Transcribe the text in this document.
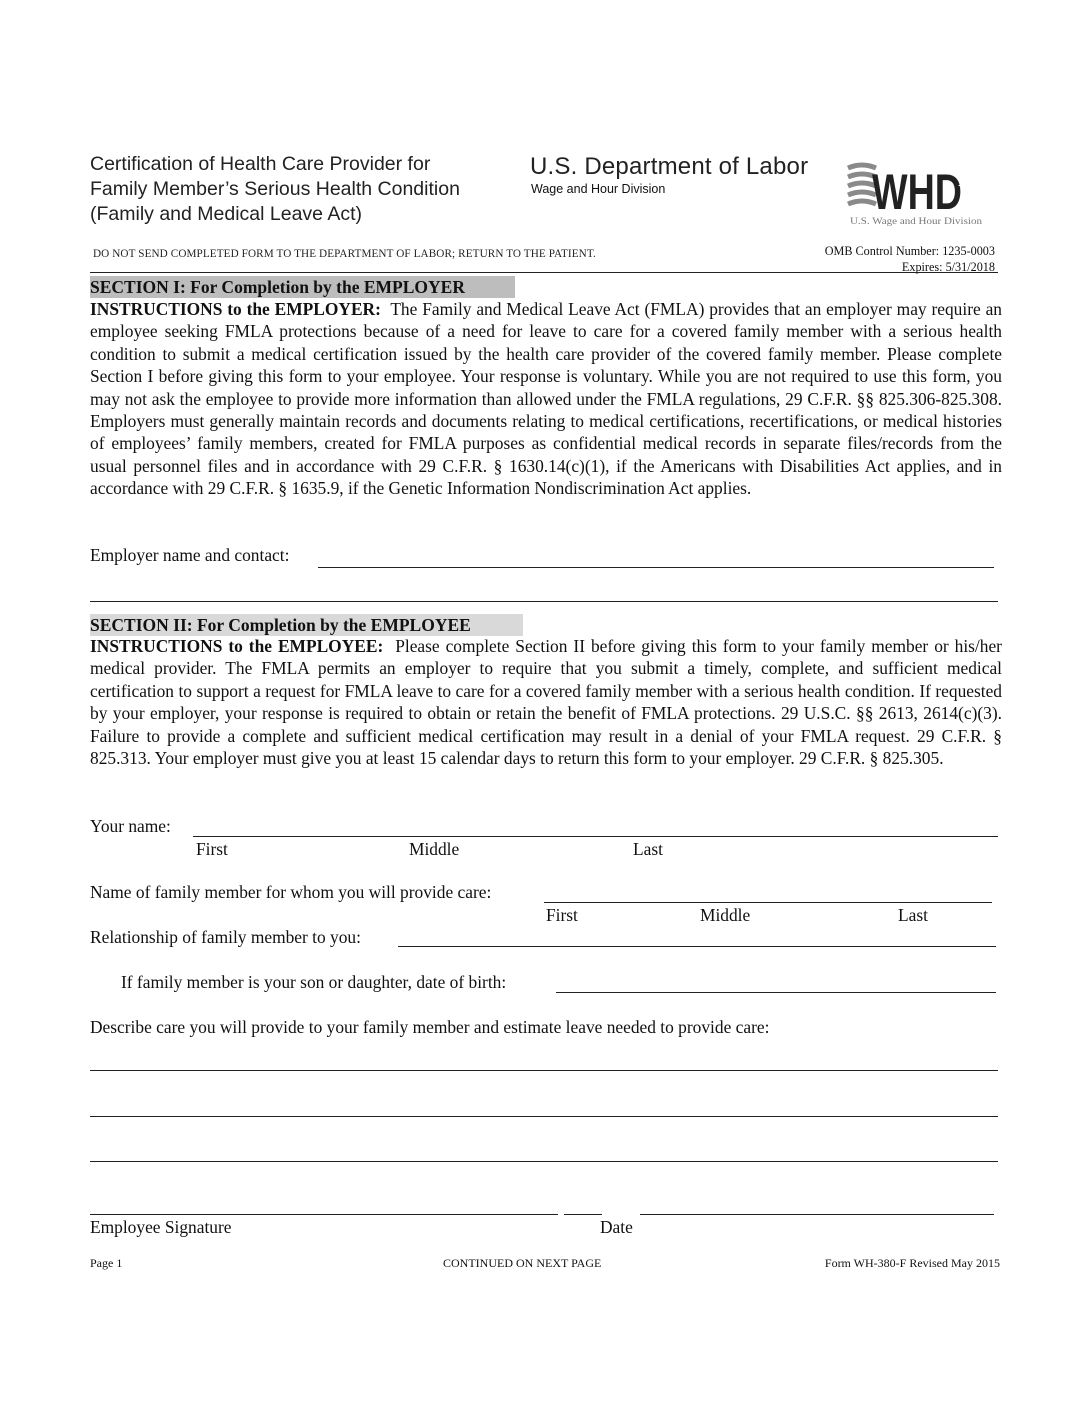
Certification of Health Care Provider for
Family Member’s Serious Health Condition
(Family and Medical Leave Act)
U.S. Department of Labor
Wage and Hour Division	WHD
U.S. Wage and Hour Division
DO NOT SEND COMPLETED FORM TO THE DEPARTMENT OF LABOR; RETURN TO THE PATIENT.	OMB Control Number: 1235-0003
Expires: 5/31/2018
SECTION I: For Completion by the EMPLOYER
INSTRUCTIONS to the EMPLOYER: The Family and Medical Leave Act (FMLA) provides that an employer may require an employee seeking FMLA protections because of a need for leave to care for a covered family member with a serious health condition to submit a medical certification issued by the health care provider of the covered family member. Please complete Section I before giving this form to your employee. Your response is voluntary. While you are not required to use this form, you may not ask the employee to provide more information than allowed under the FMLA regulations, 29 C.F.R. §§ 825.306-825.308. Employers must generally maintain records and documents relating to medical certifications, recertifications, or medical histories of employees’ family members, created for FMLA purposes as confidential medical records in separate files/records from the usual personnel files and in accordance with 29 C.F.R. § 1630.14(c)(1), if the Americans with Disabilities Act applies, and in accordance with 29 C.F.R. § 1635.9, if the Genetic Information Nondiscrimination Act applies.
Employer name and contact:
SECTION II: For Completion by the EMPLOYEE
INSTRUCTIONS to the EMPLOYEE: Please complete Section II before giving this form to your family member or his/her medical provider. The FMLA permits an employer to require that you submit a timely, complete, and sufficient medical certification to support a request for FMLA leave to care for a covered family member with a serious health condition. If requested by your employer, your response is required to obtain or retain the benefit of FMLA protections. 29 U.S.C. §§ 2613, 2614(c)(3). Failure to provide a complete and sufficient medical certification may result in a denial of your FMLA request. 29 C.F.R. § 825.313. Your employer must give you at least 15 calendar days to return this form to your employer. 29 C.F.R. § 825.305.
Your name:
First	Middle	Last
Name of family member for whom you will provide care:
First	Middle	Last
Relationship of family member to you:
If family member is your son or daughter, date of birth:
Describe care you will provide to your family member and estimate leave needed to provide care:
Employee Signature	Date
Page 1	CONTINUED ON NEXT PAGE	Form WH-380-F Revised May 2015
